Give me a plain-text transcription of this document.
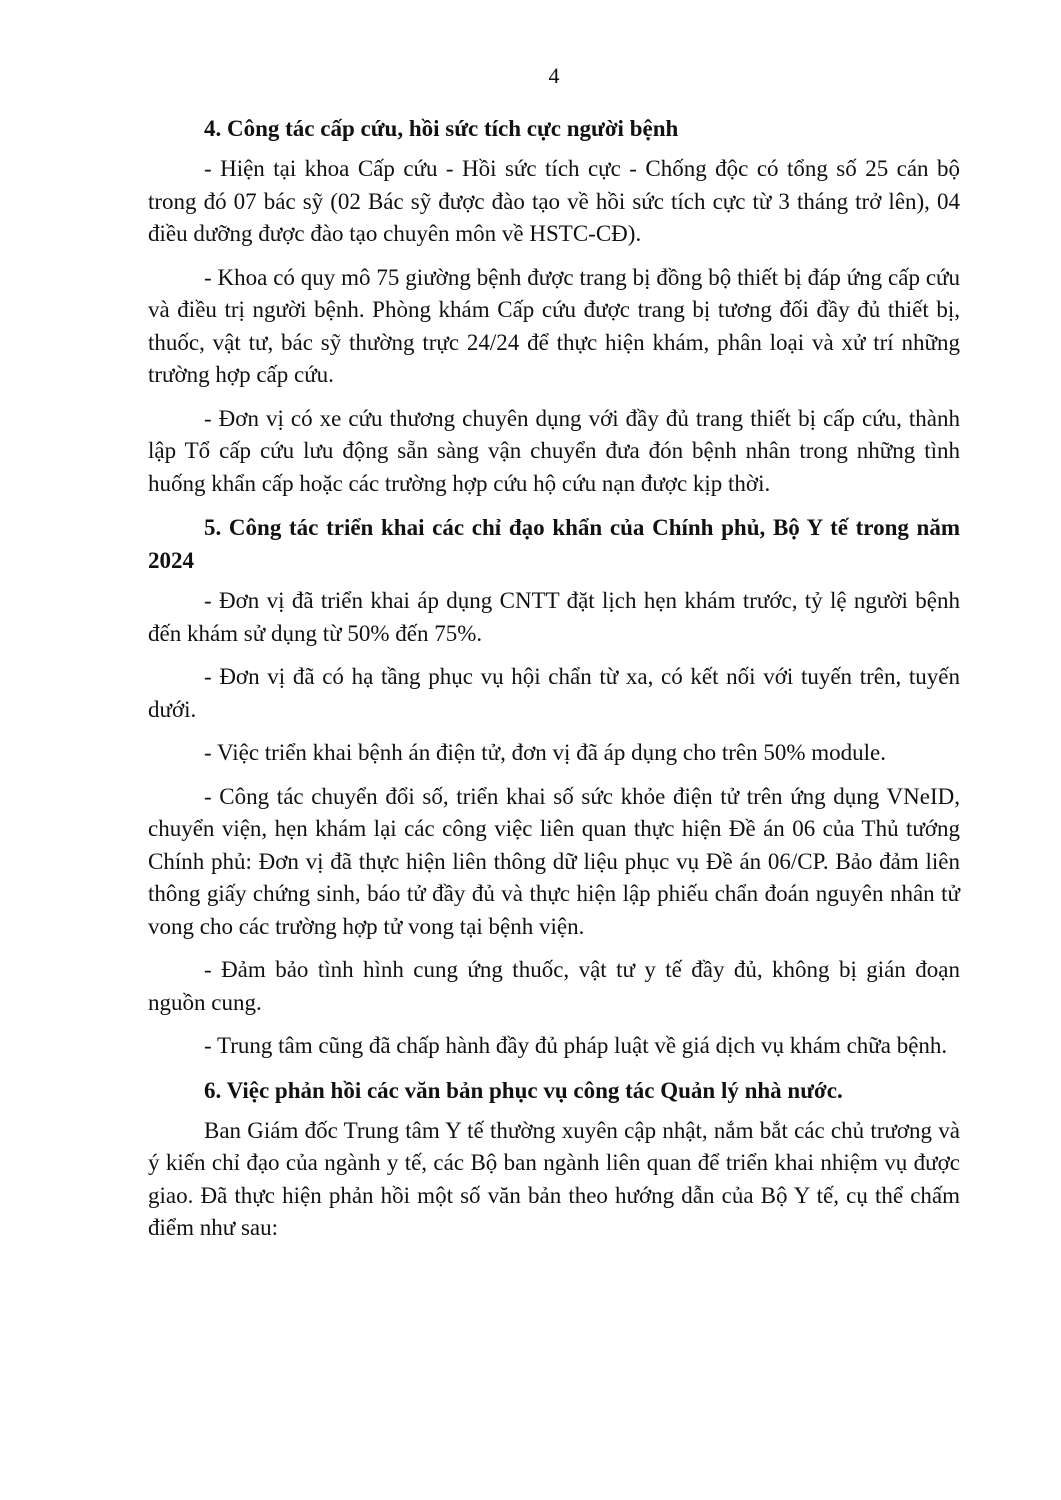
4

4. Công tác cấp cứu, hồi sức tích cực người bệnh

- Hiện tại khoa Cấp cứu - Hồi sức tích cực - Chống độc có tổng số 25 cán bộ trong đó 07 bác sỹ (02 Bác sỹ được đào tạo về hồi sức tích cực từ 3 tháng trở lên), 04 điều dưỡng được đào tạo chuyên môn về HSTC-CĐ).

- Khoa có quy mô 75 giường bệnh được trang bị đồng bộ thiết bị đáp ứng cấp cứu và điều trị người bệnh. Phòng khám Cấp cứu được trang bị tương đối đầy đủ thiết bị, thuốc, vật tư, bác sỹ thường trực 24/24 để thực hiện khám, phân loại và xử trí những trường hợp cấp cứu.

- Đơn vị có xe cứu thương chuyên dụng với đầy đủ trang thiết bị cấp cứu, thành lập Tổ cấp cứu lưu động sẵn sàng vận chuyển đưa đón bệnh nhân trong những tình huống khẩn cấp hoặc các trường hợp cứu hộ cứu nạn được kịp thời.

5. Công tác triển khai các chỉ đạo khẩn của Chính phủ, Bộ Y tế trong năm 2024

- Đơn vị đã triển khai áp dụng CNTT đặt lịch hẹn khám trước, tỷ lệ người bệnh đến khám sử dụng từ 50% đến 75%.

- Đơn vị đã có hạ tầng phục vụ hội chẩn từ xa, có kết nối với tuyến trên, tuyến dưới.

- Việc triển khai bệnh án điện tử, đơn vị đã áp dụng cho trên 50% module.

- Công tác chuyển đổi số, triển khai số sức khỏe điện tử trên ứng dụng VNeID, chuyển viện, hẹn khám lại các công việc liên quan thực hiện Đề án 06 của Thủ tướng Chính phủ: Đơn vị đã thực hiện liên thông dữ liệu phục vụ Đề án 06/CP. Bảo đảm liên thông giấy chứng sinh, báo tử đầy đủ và thực hiện lập phiếu chẩn đoán nguyên nhân tử vong cho các trường hợp tử vong tại bệnh viện.

- Đảm bảo tình hình cung ứng thuốc, vật tư y tế đầy đủ, không bị gián đoạn nguồn cung.

- Trung tâm cũng đã chấp hành đầy đủ pháp luật về giá dịch vụ khám chữa bệnh.

6. Việc phản hồi các văn bản phục vụ công tác Quản lý nhà nước.

Ban Giám đốc Trung tâm Y tế thường xuyên cập nhật, nắm bắt các chủ trương và ý kiến chỉ đạo của ngành y tế, các Bộ ban ngành liên quan để triển khai nhiệm vụ được giao. Đã thực hiện phản hồi một số văn bản theo hướng dẫn của Bộ Y tế, cụ thể chấm điểm như sau:
